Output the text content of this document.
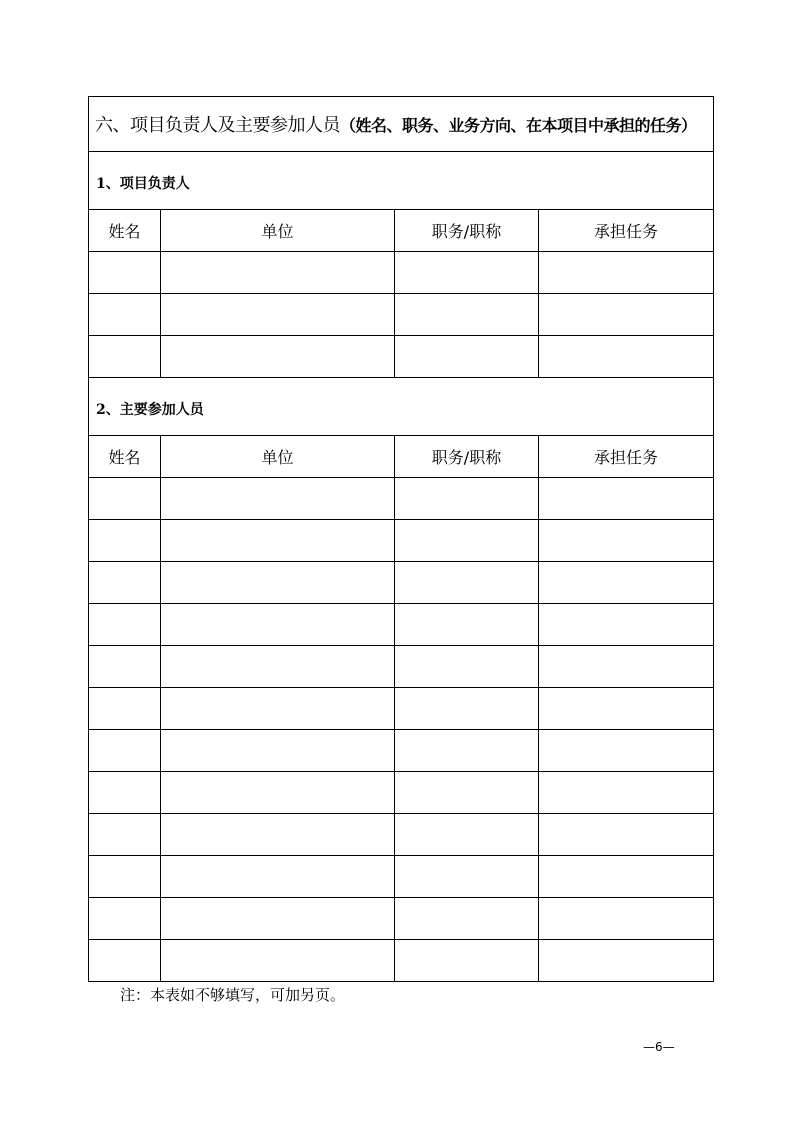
六、项目负责人及主要参加人员（姓名、职务、业务方向、在本项目中承担的任务）			
1、项目负责人			
姓名	单位	职务/职称	承担任务

2、主要参加人员			
姓名	单位	职务/职称	承担任务

注：本表如不够填写，可加另页。
—6—
